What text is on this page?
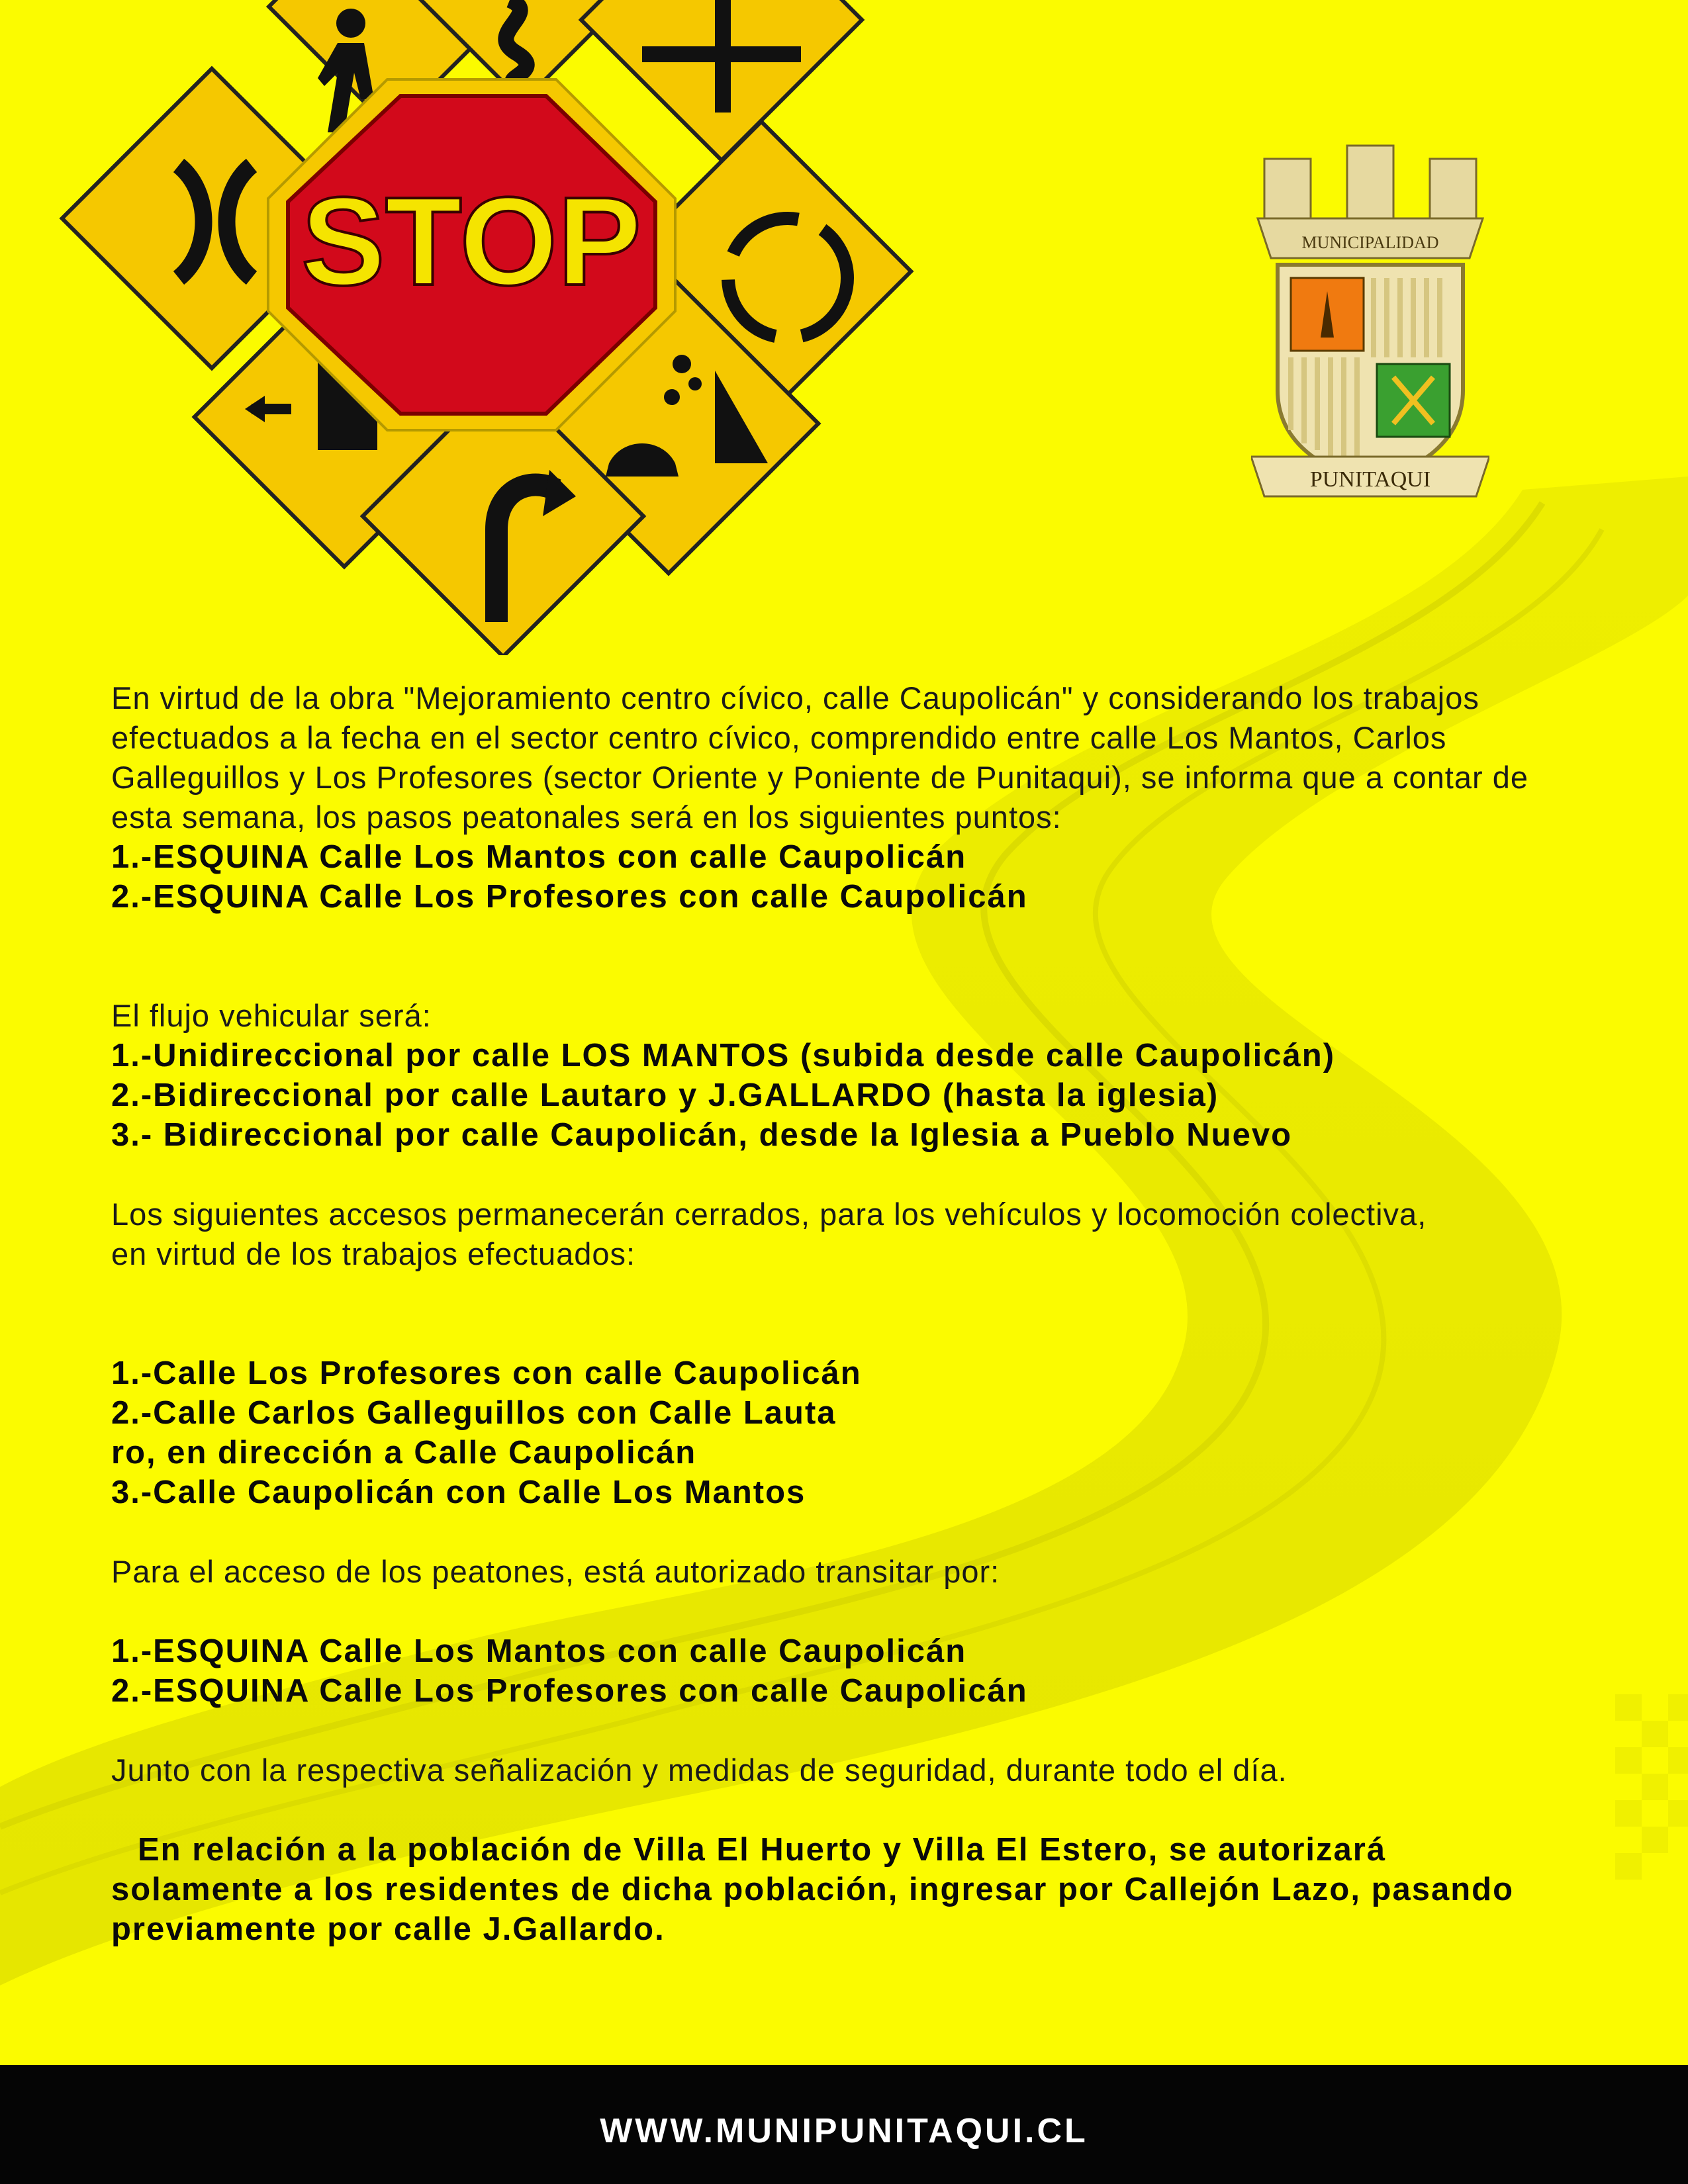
STOP	MUNICIPALIDAD
PUNITAQUI

En virtud de la obra "Mejoramiento centro cívico, calle Caupolicán" y considerando los trabajos efectuados a la fecha en el sector centro cívico, comprendido entre calle Los Mantos, Carlos Galleguillos y Los Profesores (sector Oriente y Poniente de Punitaqui), se informa que a contar de esta semana, los pasos peatonales será en los siguientes puntos:

1.-ESQUINA Calle Los Mantos con calle Caupolicán

2.-ESQUINA Calle Los Profesores con calle Caupolicán

El flujo vehicular será:

1.-Unidireccional por calle LOS MANTOS (subida desde calle Caupolicán)

2.-Bidireccional por calle Lautaro y J.GALLARDO (hasta la iglesia)

3.- Bidireccional por calle Caupolicán, desde la Iglesia a Pueblo Nuevo

Los siguientes accesos permanecerán cerrados, para los vehículos y locomoción colectiva, en virtud de los trabajos efectuados:

1.-Calle Los Profesores con calle Caupolicán

2.-Calle Carlos Galleguillos con Calle Lauta

ro, en dirección a Calle Caupolicán

3.-Calle Caupolicán con Calle Los Mantos

Para el acceso de los peatones, está autorizado transitar por:

1.-ESQUINA Calle Los Mantos con calle Caupolicán

2.-ESQUINA Calle Los Profesores con calle Caupolicán

Junto con la respectiva señalización y medidas de seguridad, durante todo el día.

En relación a la población de Villa El Huerto y Villa El Estero, se autorizará solamente a los residentes de dicha población, ingresar por Callejón Lazo, pasando previamente por calle J.Gallardo.

WWW.MUNIPUNITAQUI.CL
